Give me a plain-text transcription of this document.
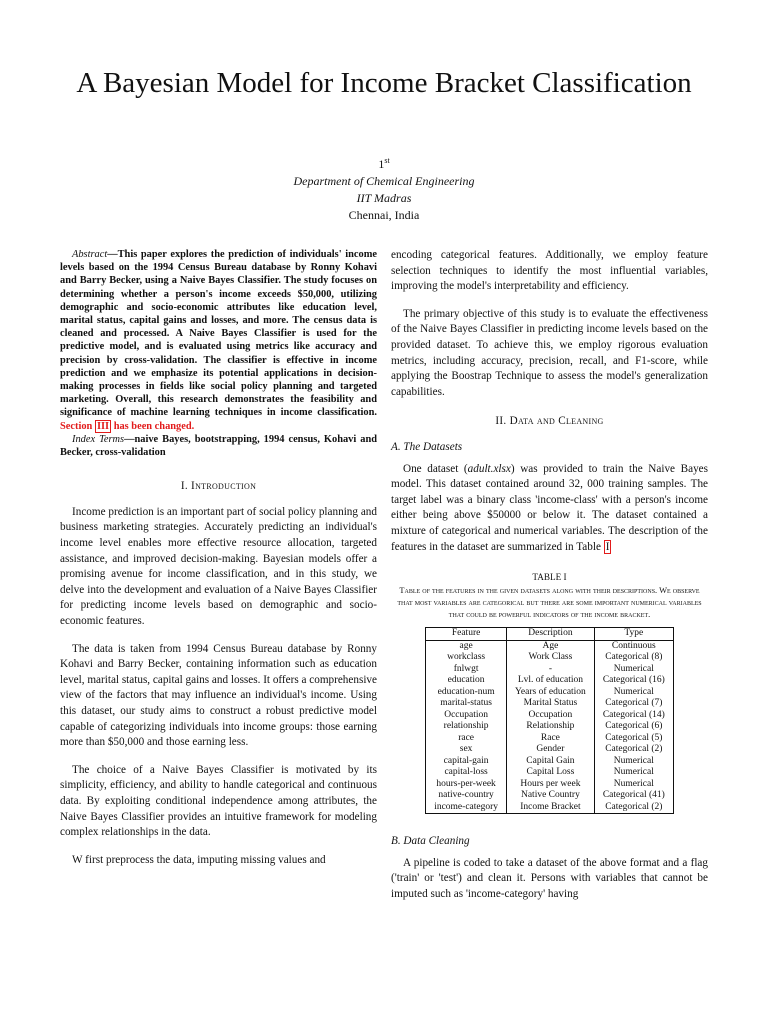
A Bayesian Model for Income Bracket Classification
1st
Department of Chemical Engineering
IIT Madras
Chennai, India

Abstract—This paper explores the prediction of individuals' income levels based on the 1994 Census Bureau database by Ronny Kohavi and Barry Becker, using a Naive Bayes Classifier. The study focuses on determining whether a person's income exceeds $50,000, utilizing demographic and socio-economic attributes like education level, marital status, capital gains and losses, and more. The census data is cleaned and processed. A Naive Bayes Classifier is used for the predictive model, and is evaluated using metrics like accuracy and precision by cross-validation. The classifier is effective in income prediction and we emphasize its potential applications in decision-making processes in fields like social policy planning and targeted marketing. Overall, this research demonstrates the feasibility and significance of machine learning techniques in income classification. Section III has been changed.

Index Terms—naive Bayes, bootstrapping, 1994 census, Kohavi and Becker, cross-validation

I. Introduction

Income prediction is an important part of social policy planning and business marketing strategies. Accurately predicting an individual's income level enables more effective resource allocation, targeted assistance, and improved decision-making. Bayesian models offer a promising avenue for income classification, and in this study, we delve into the development and evaluation of a Naive Bayes Classifier for predicting income levels based on demographic and socio-economic features.

The data is taken from 1994 Census Bureau database by Ronny Kohavi and Barry Becker, containing information such as education level, marital status, capital gains and losses. It offers a comprehensive view of the factors that may influence an individual's income. Using this dataset, our study aims to construct a robust predictive model capable of categorizing individuals into income groups: those earning more than $50,000 and those earning less.

The choice of a Naive Bayes Classifier is motivated by its simplicity, efficiency, and ability to handle categorical and continuous data. By exploiting conditional independence among attributes, the Naive Bayes Classifier provides an intuitive framework for modeling complex relationships in the data.

W first preprocess the data, imputing missing values and

encoding categorical features. Additionally, we employ feature selection techniques to identify the most influential variables, improving the model's interpretability and efficiency.

The primary objective of this study is to evaluate the effectiveness of the Naive Bayes Classifier in predicting income levels based on the provided dataset. To achieve this, we employ rigorous evaluation metrics, including accuracy, precision, recall, and F1-score, while applying the Boostrap Technique to assess the model's generalization capabilities.

II. Data and Cleaning
A. The Datasets

One dataset (adult.xlsx) was provided to train the Naive Bayes model. This dataset contained around 32, 000 training samples. The target label was a binary class 'income-class' with a person's income either being above $50000 or below it. The dataset contained a mixture of categorical and numerical variables. The description of the features in the dataset are summarized in Table I

TABLE I
Table of the features in the given datasets along with their descriptions. We observe that most variables are categorical but there are some important numerical variables that could be powerful indicators of the income bracket.
Feature	Description	Type
age	Age	Continuous
workclass	Work Class	Categorical (8)
fnlwgt	-	Numerical
education	Lvl. of education	Categorical (16)
education-num	Years of education	Numerical
marital-status	Marital Status	Categorical (7)
Occupation	Occupation	Categorical (14)
relationship	Relationship	Categorical (6)
race	Race	Categorical (5)
sex	Gender	Categorical (2)
capital-gain	Capital Gain	Numerical
capital-loss	Capital Loss	Numerical
hours-per-week	Hours per week	Numerical
native-country	Native Country	Categorical (41)
income-category	Income Bracket	Categorical (2)
B. Data Cleaning

A pipeline is coded to take a dataset of the above format and a flag ('train' or 'test') and clean it. Persons with variables that cannot be imputed such as 'income-category' having
